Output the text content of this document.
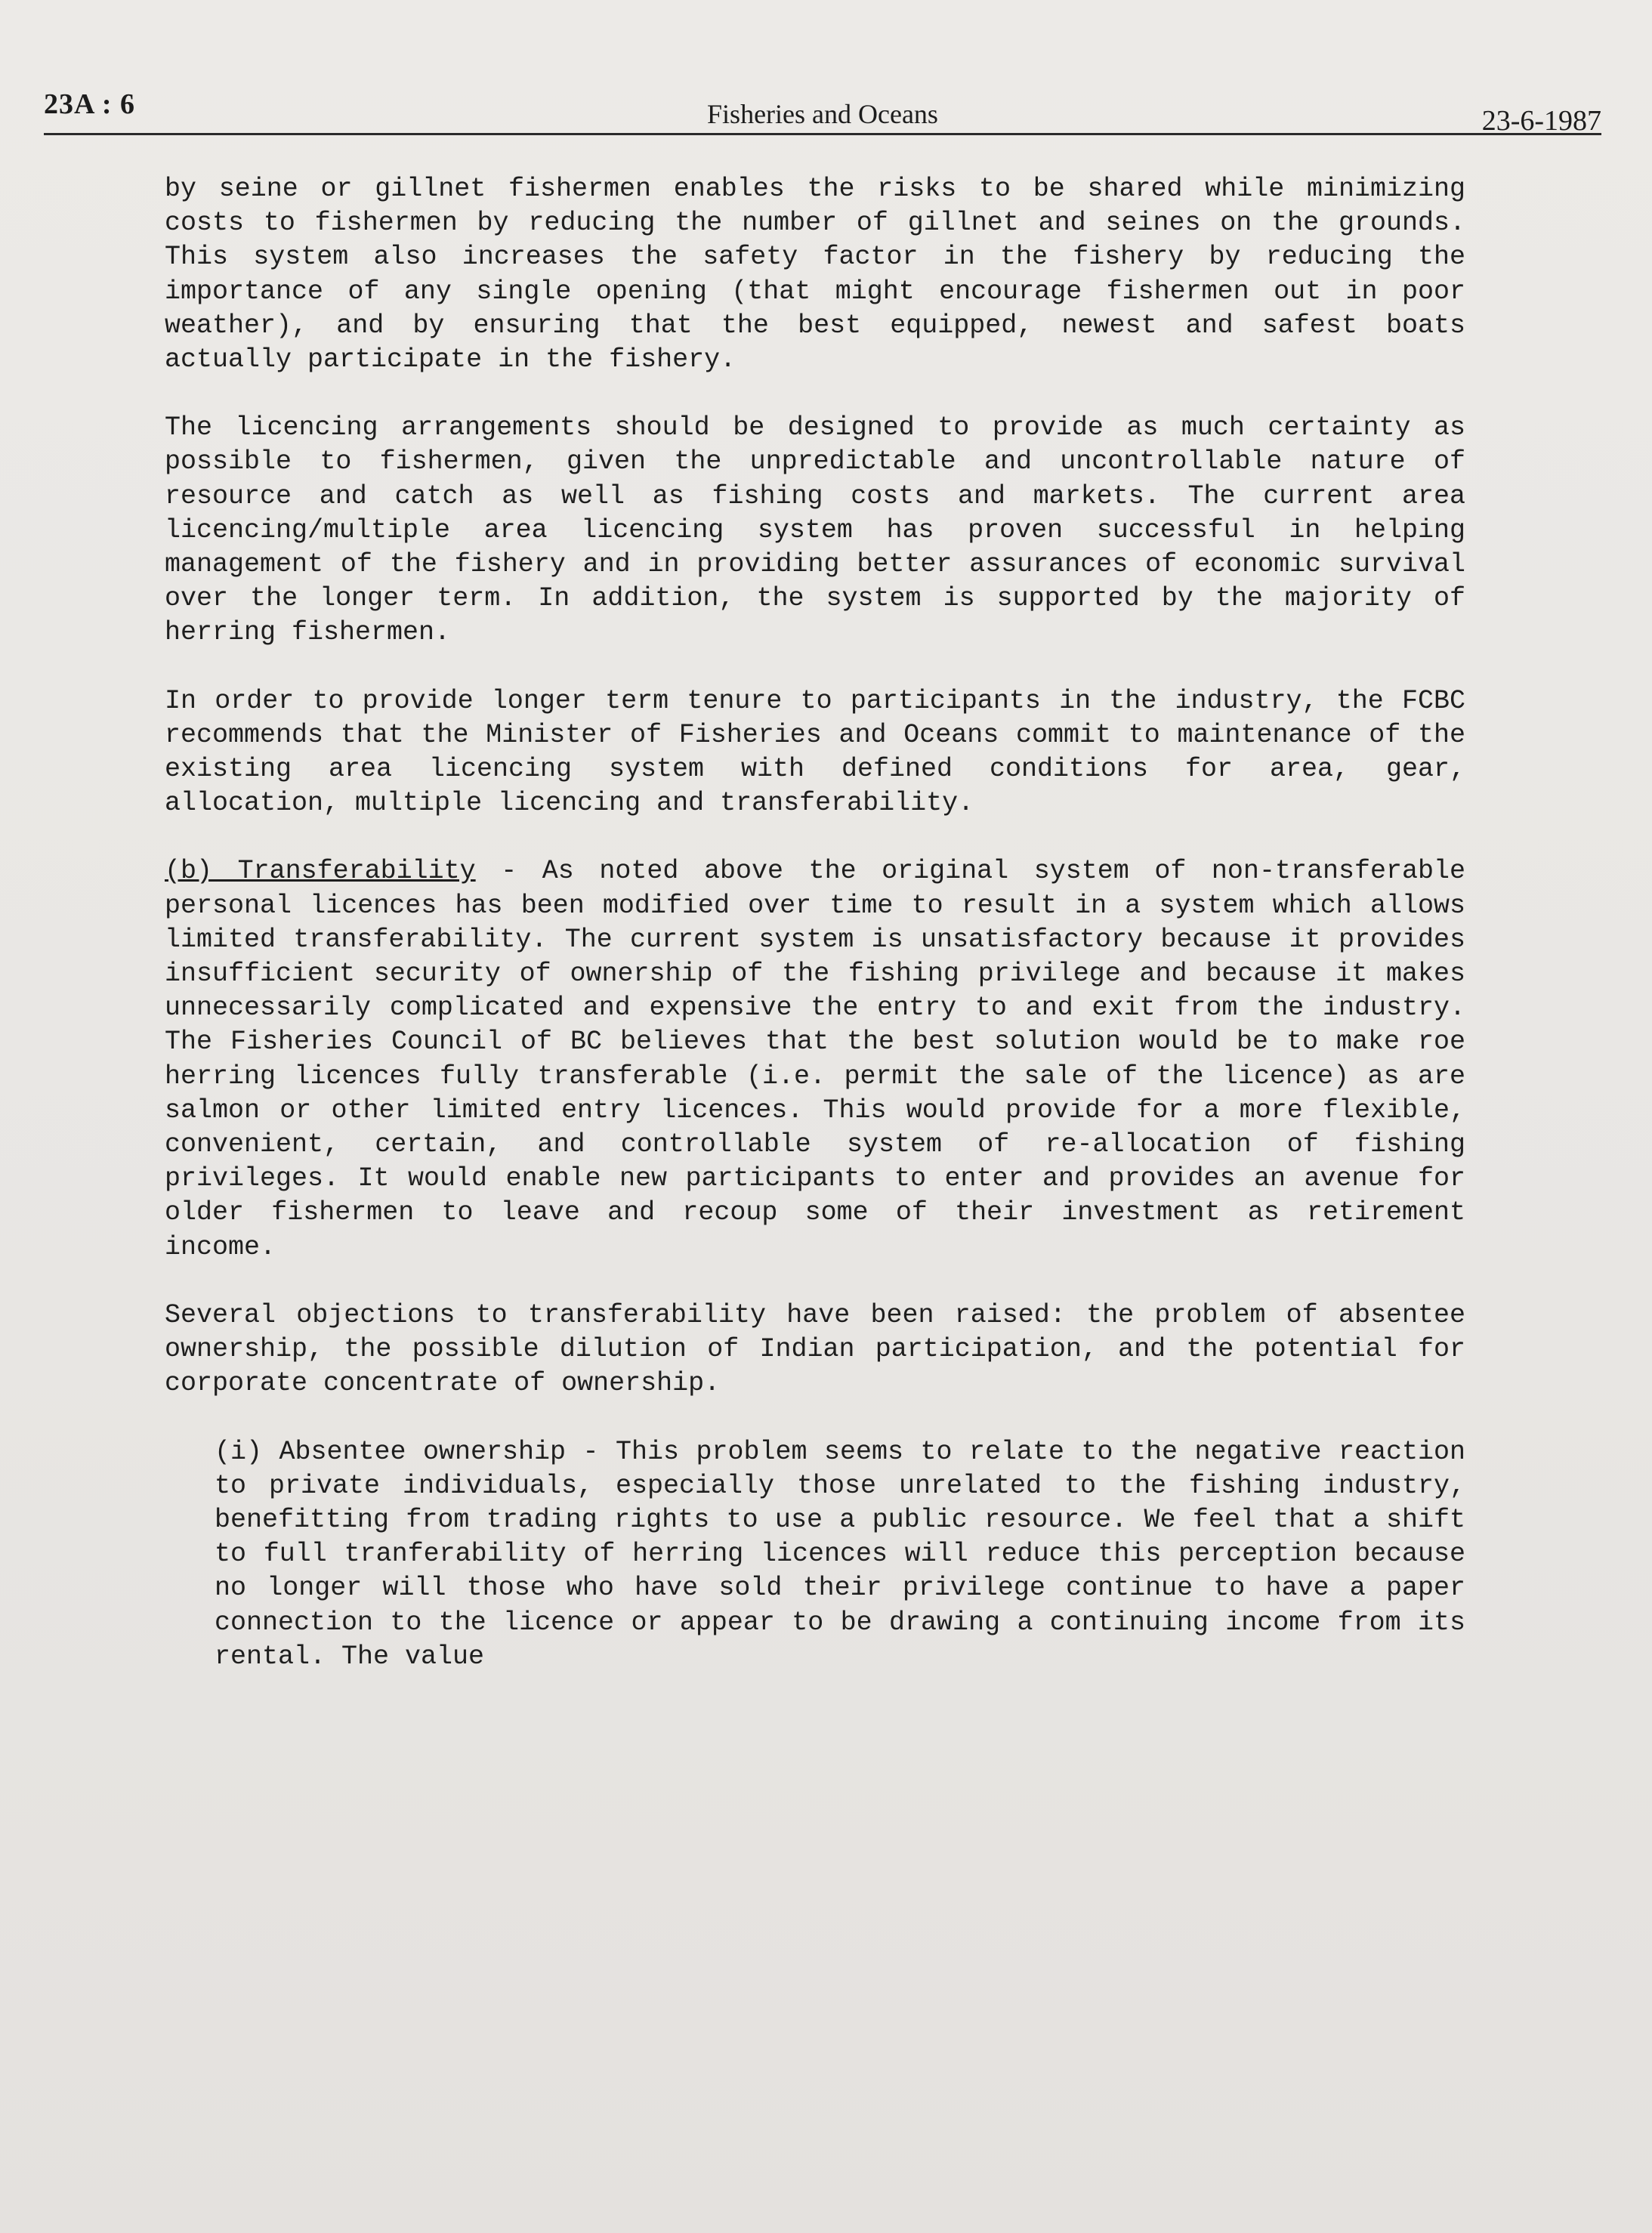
23A : 6	Fisheries and Oceans	23-6-1987

by seine or gillnet fishermen enables the risks to be shared while minimizing costs to fishermen by reducing the number of gillnet and seines on the grounds. This system also increases the safety factor in the fishery by reducing the importance of any single opening (that might encourage fishermen out in poor weather), and by ensuring that the best equipped, newest and safest boats actually participate in the fishery.

The licencing arrangements should be designed to provide as much certainty as possible to fishermen, given the unpredictable and uncontrollable nature of resource and catch as well as fishing costs and markets. The current area licencing/multiple area licencing system has proven successful in helping management of the fishery and in providing better assurances of economic survival over the longer term. In addition, the system is supported by the majority of herring fishermen.

In order to provide longer term tenure to participants in the industry, the FCBC recommends that the Minister of Fisheries and Oceans commit to maintenance of the existing area licencing system with defined conditions for area, gear, allocation, multiple licencing and transferability.

(b) Transferability - As noted above the original system of non-transferable personal licences has been modified over time to result in a system which allows limited transferability. The current system is unsatisfactory because it provides insufficient security of ownership of the fishing privilege and because it makes unnecessarily complicated and expensive the entry to and exit from the industry. The Fisheries Council of BC believes that the best solution would be to make roe herring licences fully transferable (i.e. permit the sale of the licence) as are salmon or other limited entry licences. This would provide for a more flexible, convenient, certain, and controllable system of re-allocation of fishing privileges. It would enable new participants to enter and provides an avenue for older fishermen to leave and recoup some of their investment as retirement income.

Several objections to transferability have been raised: the problem of absentee ownership, the possible dilution of Indian participation, and the potential for corporate concentrate of ownership.

(i) Absentee ownership - This problem seems to relate to the negative reaction to private individuals, especially those unrelated to the fishing industry, benefitting from trading rights to use a public resource. We feel that a shift to full tranferability of herring licences will reduce this perception because no longer will those who have sold their privilege continue to have a paper connection to the licence or appear to be drawing a continuing income from its rental. The value
